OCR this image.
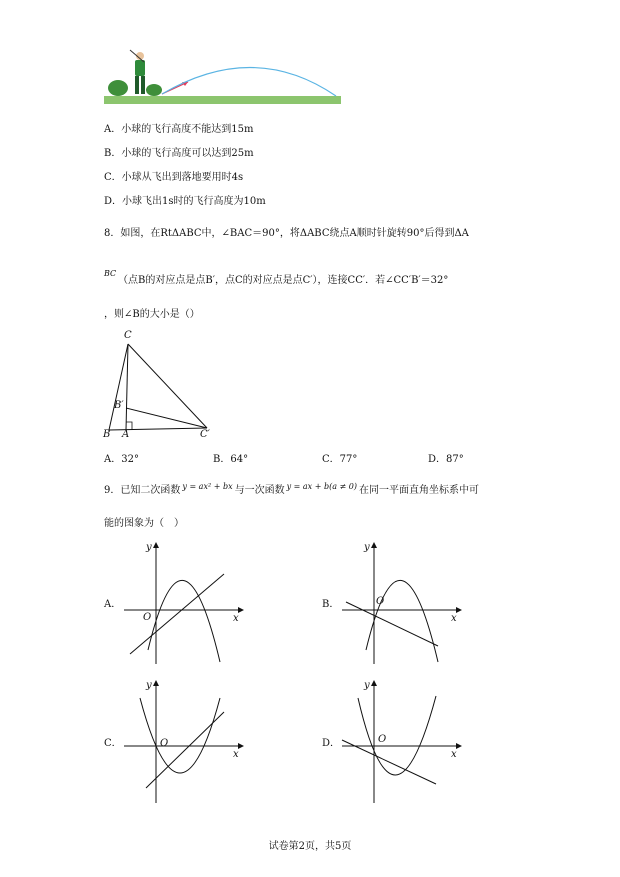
A．小球的飞行高度不能达到15m
B．小球的飞行高度可以达到25m
C．小球从飞出到落地要用时4s
D．小球飞出1s时的飞行高度为10m
8．如图，在RtΔABC中，∠BAC＝90°，将ΔABC绕点A顺时针旋转90°后得到ΔA
BC
（点B的对应点是点B′，点C的对应点是点C′），连接CC′．若∠CC′B′＝32°
，则∠B的大小是（）
C
B′
B A	C′
A．32°	B．64°	C．77°	D．87°
9．已知二次函数 $^{y = ax^2 + bx}$ 与一次函数 $^{y = ax + b(a \ne 0)}$ 在同一平面直角坐标系中可
能的图象为（　）
A．
y
x
O
B．
y
x
O
C．
y
x
O	D．
y
x
O
试卷第2页，共5页
